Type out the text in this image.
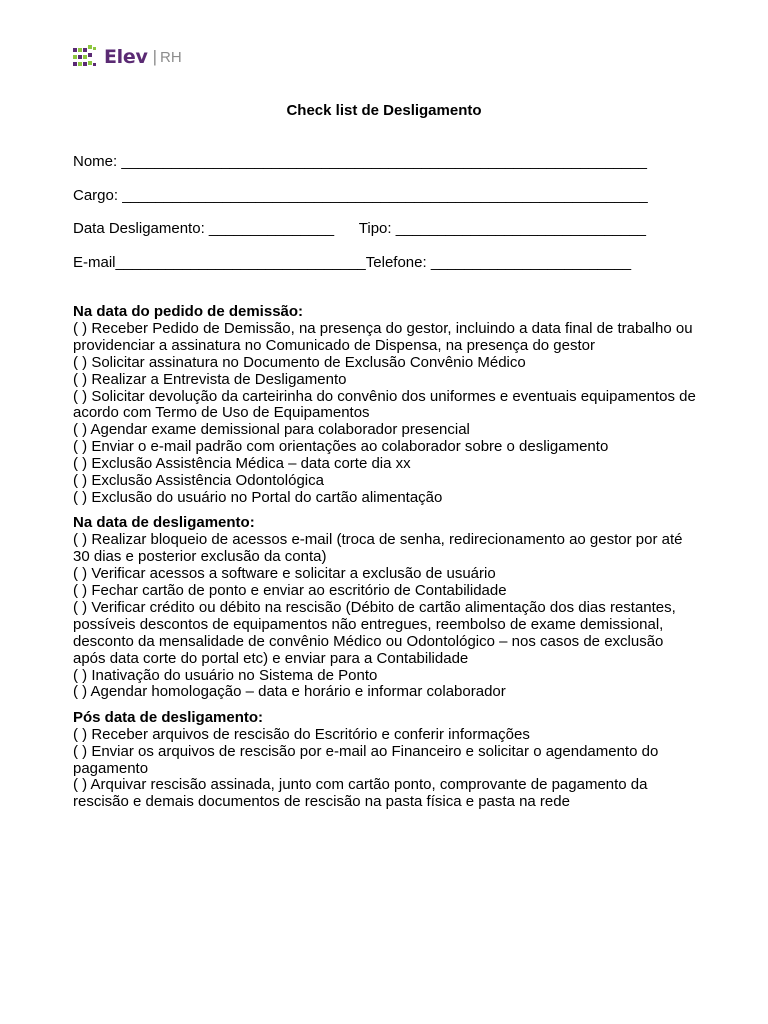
Elev | RH
Check list de Desligamento
Nome: _______________________________________________________________
Cargo: _______________________________________________________________
Data Desligamento: _______________      Tipo: ______________________________
E-mail______________________________Telefone: ________________________
Na data do pedido de demissão:

( ) Receber Pedido de Demissão, na presença do gestor, incluindo a data final de trabalho ou providenciar a assinatura no Comunicado de Dispensa, na presença do gestor

( ) Solicitar assinatura no Documento de Exclusão Convênio Médico

( ) Realizar a Entrevista de Desligamento

( ) Solicitar devolução da carteirinha do convênio dos uniformes e eventuais equipamentos de acordo com Termo de Uso de Equipamentos

( ) Agendar exame demissional para colaborador presencial

( ) Enviar o e-mail padrão com orientações ao colaborador sobre o desligamento

( ) Exclusão Assistência Médica – data corte dia xx

( ) Exclusão Assistência Odontológica

( ) Exclusão do usuário no Portal do cartão alimentação

Na data de desligamento:

( ) Realizar bloqueio de acessos e-mail (troca de senha, redirecionamento ao gestor por até 30 dias e posterior exclusão da conta)

( ) Verificar acessos a software e solicitar a exclusão de usuário

( ) Fechar cartão de ponto e enviar ao escritório de Contabilidade

( ) Verificar crédito ou débito na rescisão (Débito de cartão alimentação dos dias restantes, possíveis descontos de equipamentos não entregues, reembolso de exame demissional, desconto da mensalidade de convênio Médico ou Odontológico – nos casos de exclusão após data corte do portal etc) e enviar para a Contabilidade

( ) Inativação do usuário no Sistema de Ponto

( ) Agendar homologação – data e horário e informar colaborador

Pós data de desligamento:

( ) Receber arquivos de rescisão do Escritório e conferir informações

( ) Enviar os arquivos de rescisão por e-mail ao Financeiro e solicitar o agendamento do pagamento

( ) Arquivar rescisão assinada, junto com cartão ponto, comprovante de pagamento da rescisão e demais documentos de rescisão na pasta física e pasta na rede
